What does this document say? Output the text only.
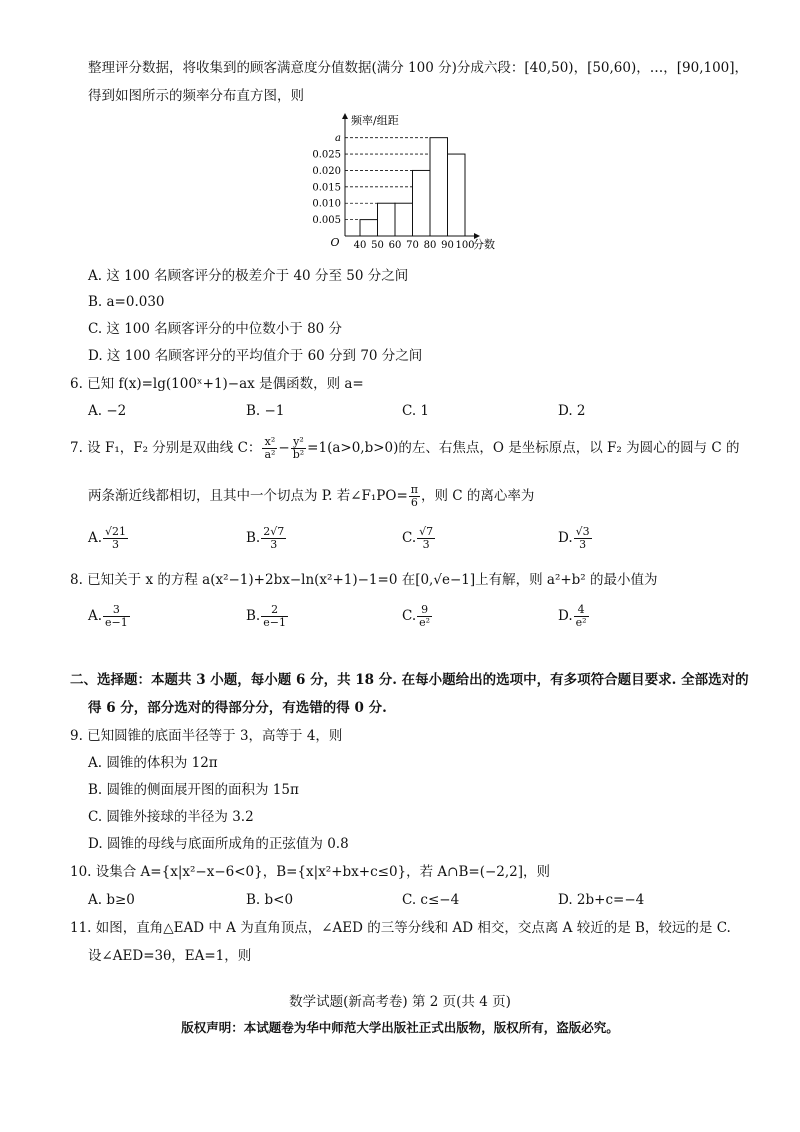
整理评分数据，将收集到的顾客满意度分值数据(满分 100 分)分成六段：[40,50)，[50,60)，…，[90,100]，
得到如图所示的频率分布直方图，则
0.005
0.010
0.015
0.020
0.025
a
40 50 60 70 80 90 100
O
频率/组距
分数
A. 这 100 名顾客评分的极差介于 40 分至 50 分之间
B. a=0.030
C. 这 100 名顾客评分的中位数小于 80 分
D. 这 100 名顾客评分的平均值介于 60 分到 70 分之间
6. 已知 f(x)=lg(100ˣ+1)−ax 是偶函数，则 a=
A. −2	B. −1	C. 1	D. 2
7. 设 F₁，F₂ 分别是双曲线 C： $\frac{\text{x²}}{\text{a²}} - \frac{\text{y²}}{\text{b²}} =1(a>0,b>0)$的左、右焦点，O 是坐标原点，以 F₂ 为圆心的圆与 C 的
两条渐近线都相切，且其中一个切点为 P. 若∠F₁PO= $\frac{\pi}{6}$ ，则 C 的离心率为
A. $\frac{√21}{3}$	B. $\frac{2√7}{3}$	C. $\frac{√7}{3}$	D. $\frac{√3}{3}$
8. 已知关于 x 的方程 a(x²−1)+2bx−ln(x²+1)−1=0 在[0,√e−1]上有解，则 a²+b² 的最小值为
A. $\frac{3}{e-1}$	B. $\frac{2}{e-1}$	C. $\frac{9}{\text{e²}}$	D. $\frac{4}{\text{e²}}$
二、选择题：本题共 3 小题，每小题 6 分，共 18 分. 在每小题给出的选项中，有多项符合题目要求. 全部选对的
得 6 分，部分选对的得部分分，有选错的得 0 分.
9. 已知圆锥的底面半径等于 3，高等于 4，则
A. 圆锥的体积为 12π
B. 圆锥的侧面展开图的面积为 15π
C. 圆锥外接球的半径为 3.2
D. 圆锥的母线与底面所成角的正弦值为 0.8
10. 设集合 A={x|x²−x−6<0}，B={x|x²+bx+c≤0}，若 A∩B=(−2,2]，则
A. b≥0	B. b<0	C. c≤−4	D. 2b+c=−4
11. 如图，直角△EAD 中 A 为直角顶点，∠AED 的三等分线和 AD 相交，交点离 A 较近的是 B，较远的是 C.
设∠AED=3θ，EA=1，则
数学试题(新高考卷) 第 2 页(共 4 页)
版权声明：本试题卷为华中师范大学出版社正式出版物，版权所有，盗版必究。
